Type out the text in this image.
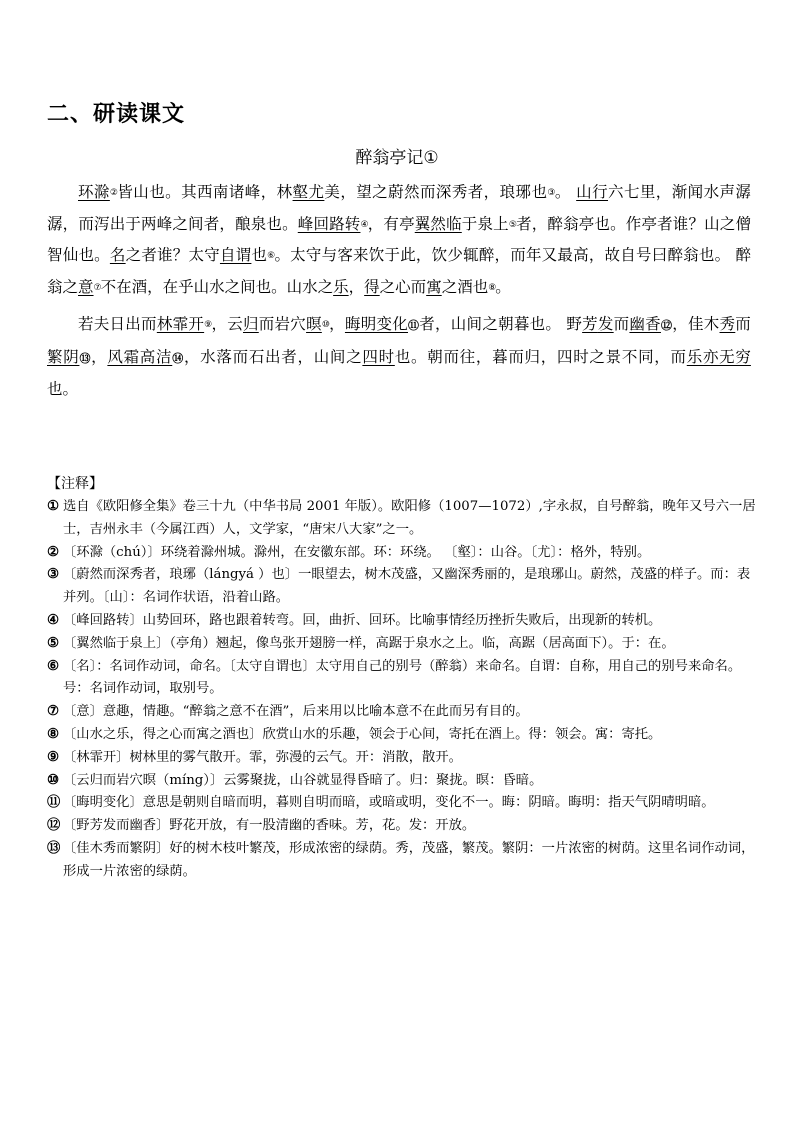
二、研读课文
醉翁亭记①

环滁②皆山也。其西南诸峰，林壑尤美，望之蔚然而深秀者，琅琊也③。 山行六七里，渐闻水声潺潺，而泻出于两峰之间者，酿泉也。峰回路转④，有亭翼然临于泉上⑤者，醉翁亭也。作亭者谁？山之僧智仙也。名之者谁？太守自谓也⑥。太守与客来饮于此，饮少辄醉，而年又最高，故自号曰醉翁也。 醉翁之意⑦不在酒，在乎山水之间也。山水之乐，得之心而寓之酒也⑧。

若夫日出而林霏开⑨，云归而岩穴暝⑩，晦明变化⑪者，山间之朝暮也。 野芳发而幽香⑫，佳木秀而繁阴⑬，风霜高洁⑭，水落而石出者，山间之四时也。朝而往，暮而归，四时之景不同，而乐亦无穷也。

【注释】
① 选自《欧阳修全集》卷三十九（中华书局 2001 年版）。欧阳修（1007—1072）,字永叔，自号醉翁，晚年又号六一居士，吉州永丰（今属江西）人，文学家，“唐宋八大家”之一。
② 〔环滁（chú）〕环绕着滁州城。滁州，在安徽东部。环：环绕。 〔壑〕：山谷。〔尤〕：格外，特别。
③ 〔蔚然而深秀者，琅琊（lángyá ）也〕一眼望去，树木茂盛，又幽深秀丽的，是琅琊山。蔚然，茂盛的样子。而：表并列。〔山〕：名词作状语，沿着山路。
④ 〔峰回路转〕山势回环，路也跟着转弯。回，曲折、回环。比喻事情经历挫折失败后，出现新的转机。
⑤ 〔翼然临于泉上〕（亭角）翘起，像鸟张开翅膀一样，高踞于泉水之上。临，高踞（居高面下）。于：在。
⑥ 〔名〕：名词作动词，命名。〔太守自谓也〕太守用自己的别号（醉翁）来命名。自谓：自称，用自己的别号来命名。号：名词作动词，取别号。
⑦ 〔意〕意趣，情趣。“醉翁之意不在酒”，后来用以比喻本意不在此而另有目的。
⑧ 〔山水之乐，得之心而寓之酒也〕欣赏山水的乐趣，领会于心间，寄托在酒上。得：领会。寓：寄托。
⑨ 〔林霏开〕树林里的雾气散开。霏，弥漫的云气。开：消散，散开。
⑩ 〔云归而岩穴暝（míng）〕云雾聚拢，山谷就显得昏暗了。归：聚拢。暝：昏暗。
⑪ 〔晦明变化〕意思是朝则自暗而明，暮则自明而暗，或暗或明，变化不一。晦：阴暗。晦明：指天气阴晴明暗。
⑫ 〔野芳发而幽香〕野花开放，有一股清幽的香味。芳，花。发：开放。
⑬ 〔佳木秀而繁阴〕好的树木枝叶繁茂，形成浓密的绿荫。秀，茂盛，繁茂。繁阴：一片浓密的树荫。这里名词作动词，形成一片浓密的绿荫。
